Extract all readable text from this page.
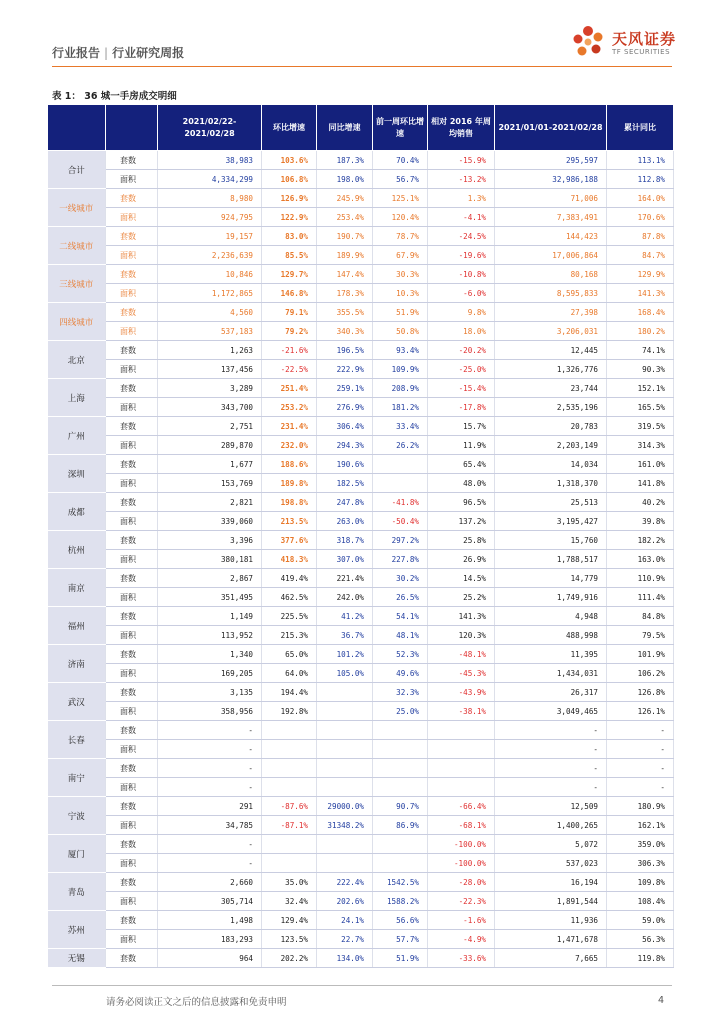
行业报告 | 行业研究周报
天风证券
TF SECURITIES
表 1： 36 城一手房成交明细
		2021/02/22-2021/02/28	环比增速	同比增速	前一周环比增速	相对 2016 年周均销售	2021/01/01-2021/02/28	累计同比
合计	套数	38,983	103.6%	187.3%	70.4%	-15.9%	295,597	113.1%
	面积	4,334,299	106.8%	198.0%	56.7%	-13.2%	32,986,188	112.8%
一线城市	套数	8,980	126.9%	245.9%	125.1%	1.3%	71,006	164.0%
	面积	924,795	122.9%	253.4%	120.4%	-4.1%	7,383,491	170.6%
二线城市	套数	19,157	83.0%	190.7%	78.7%	-24.5%	144,423	87.8%
	面积	2,236,639	85.5%	189.9%	67.9%	-19.6%	17,006,864	84.7%
三线城市	套数	10,846	129.7%	147.4%	30.3%	-10.8%	80,168	129.9%
	面积	1,172,865	146.8%	178.3%	10.3%	-6.0%	8,595,833	141.3%
四线城市	套数	4,560	79.1%	355.5%	51.9%	9.8%	27,398	168.4%
	面积	537,183	79.2%	340.3%	50.8%	18.0%	3,206,031	180.2%
北京	套数	1,263	-21.6%	196.5%	93.4%	-20.2%	12,445	74.1%
	面积	137,456	-22.5%	222.9%	109.9%	-25.0%	1,326,776	90.3%
上海	套数	3,289	251.4%	259.1%	208.9%	-15.4%	23,744	152.1%
	面积	343,700	253.2%	276.9%	181.2%	-17.8%	2,535,196	165.5%
广州	套数	2,751	231.4%	306.4%	33.4%	15.7%	20,783	319.5%
	面积	289,870	232.0%	294.3%	26.2%	11.9%	2,203,149	314.3%
深圳	套数	1,677	188.6%	190.6%		65.4%	14,034	161.0%
	面积	153,769	189.8%	182.5%		48.0%	1,318,370	141.8%
成都	套数	2,821	198.8%	247.8%	-41.8%	96.5%	25,513	40.2%
	面积	339,060	213.5%	263.0%	-50.4%	137.2%	3,195,427	39.8%
杭州	套数	3,396	377.6%	318.7%	297.2%	25.8%	15,760	182.2%
	面积	380,181	418.3%	307.0%	227.8%	26.9%	1,788,517	163.0%
南京	套数	2,867	419.4%	221.4%	30.2%	14.5%	14,779	110.9%
	面积	351,495	462.5%	242.0%	26.5%	25.2%	1,749,916	111.4%
福州	套数	1,149	225.5%	41.2%	54.1%	141.3%	4,948	84.8%
	面积	113,952	215.3%	36.7%	48.1%	120.3%	488,998	79.5%
济南	套数	1,340	65.0%	101.2%	52.3%	-48.1%	11,395	101.9%
	面积	169,205	64.0%	105.0%	49.6%	-45.3%	1,434,031	106.2%
武汉	套数	3,135	194.4%		32.3%	-43.9%	26,317	126.8%
	面积	358,956	192.8%		25.0%	-38.1%	3,049,465	126.1%
长春	套数	-					-	-
	面积	-					-	-
南宁	套数	-					-	-
	面积	-					-	-
宁波	套数	291	-87.6%	29000.0%	90.7%	-66.4%	12,509	180.9%
	面积	34,785	-87.1%	31348.2%	86.9%	-68.1%	1,400,265	162.1%
厦门	套数	-				-100.0%	5,072	359.0%
	面积	-				-100.0%	537,023	306.3%
青岛	套数	2,660	35.0%	222.4%	1542.5%	-28.0%	16,194	109.8%
	面积	305,714	32.4%	202.6%	1588.2%	-22.3%	1,891,544	108.4%
苏州	套数	1,498	129.4%	24.1%	56.6%	-1.6%	11,936	59.0%
	面积	183,293	123.5%	22.7%	57.7%	-4.9%	1,471,678	56.3%
无锡	套数	964	202.2%	134.0%	51.9%	-33.6%	7,665	119.8%
请务必阅读正文之后的信息披露和免责申明	4
